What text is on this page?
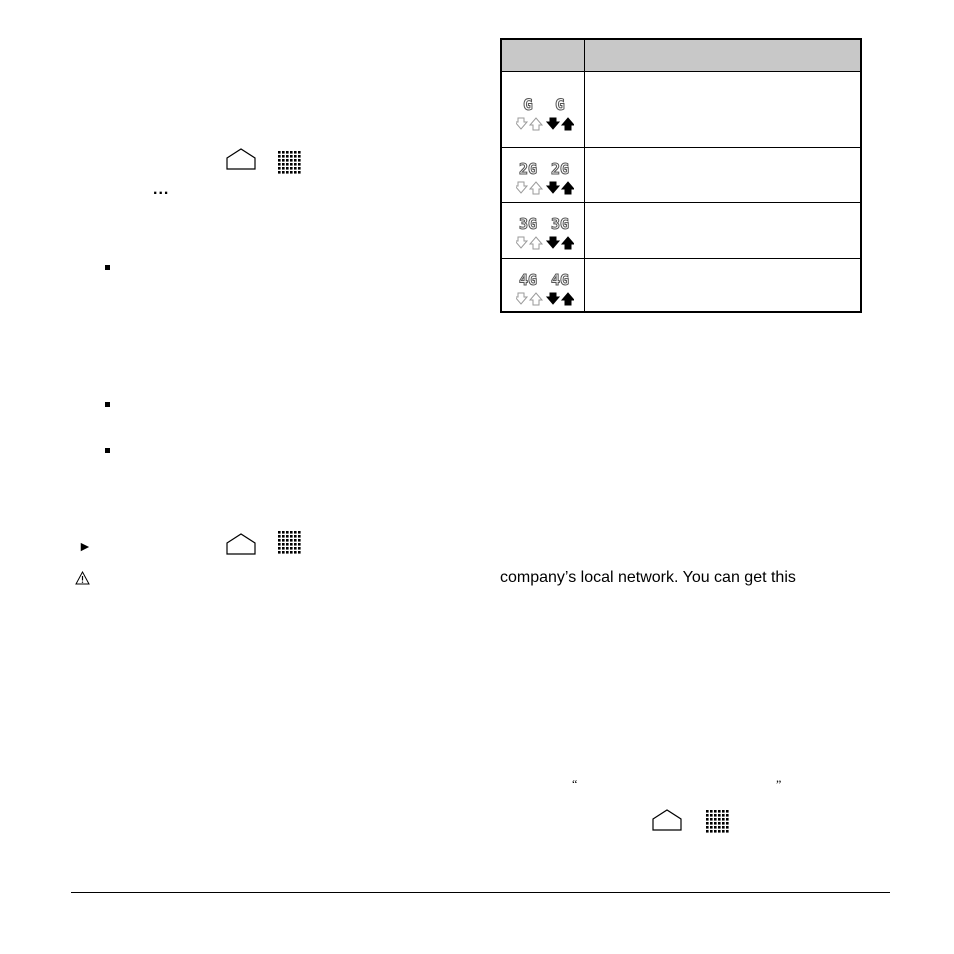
...
►
G G
2G 2G
3G 3G
4G 4G
company’s local network. You can get this
“	”
